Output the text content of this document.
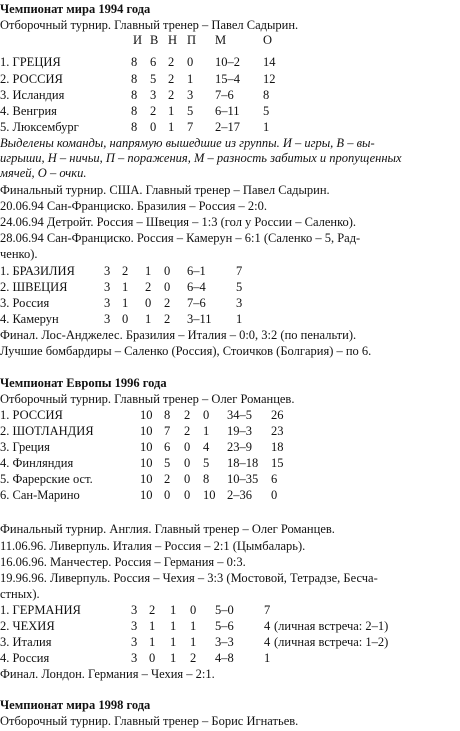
Чемпионат мира 1994 года
Отборочный турнир. Главный тренер – Павел Садырин.
И В Н П М	О
1. ГРЕЦИЯ	8 6 2 0 10–2 14
2. РОССИЯ	8 5 2 1 15–4 12
3. Исландия	8 3 2 3 7–6 8
4. Венгрия	8 2 1 5 6–11 5
5. Люксембург	8 0 1 7 2–17 1
Выделены команды, напрямую вышедшие из группы. И – игры, В – вы-
игрыши, Н – ничьи, П – поражения, М – разность забитых и пропущенных
мячей, О – очки.
Финальный турнир. США. Главный тренер – Павел Садырин.
20.06.94 Сан-Франциско. Бразилия – Россия – 2:0.
24.06.94 Детройт. Россия – Швеция – 1:3 (гол у России – Саленко).
28.06.94 Сан-Франциско. Россия – Камерун – 6:1 (Саленко – 5, Рад-
ченко).
1. БРАЗИЛИЯ 3 2 1 0 6–1 7
2. ШВЕЦИЯ	3 1 2 0 6–4 5
3. Россия	3 1 0 2 7–6 3
4. Камерун	3 0 1 2 3–11 1
Финал. Лос-Анджелес. Бразилия – Италия – 0:0, 3:2 (по пенальти).
Лучшие бомбардиры – Саленко (Россия), Стоичков (Болгария) – по 6.
Чемпионат Европы 1996 года
Отборочный турнир. Главный тренер – Олег Романцев.
1. РОССИЯ	10 8 2 0 34–5 26
2. ШОТЛАНДИЯ	10 7 2 1 19–3 23
3. Греция	10 6 0 4 23–9 18
4. Финляндия	10 5 0 5 18–18 15
5. Фарерские ост.	10 2 0 8 10–35 6
6. Сан-Марино	10 0 0 10 2–36 0
Финальный турнир. Англия. Главный тренер – Олег Романцев.
11.06.96. Ливерпуль. Италия – Россия – 2:1 (Цымбаларь).
16.06.96. Манчестер. Россия – Германия – 0:3.
19.96.96. Ливерпуль. Россия – Чехия – 3:3 (Мостовой, Тетрадзе, Бесча-
стных).
1. ГЕРМАНИЯ	3 2 1 0 5–0 7
2. ЧЕХИЯ	3 1 1 1 5–6 4 (личная встреча: 2–1)
3. Италия	3 1 1 1 3–3 4 (личная встреча: 1–2)
4. Россия	3 0 1 2 4–8 1
Финал. Лондон. Германия – Чехия – 2:1.
Чемпионат мира 1998 года
Отборочный турнир. Главный тренер – Борис Игнатьев.
